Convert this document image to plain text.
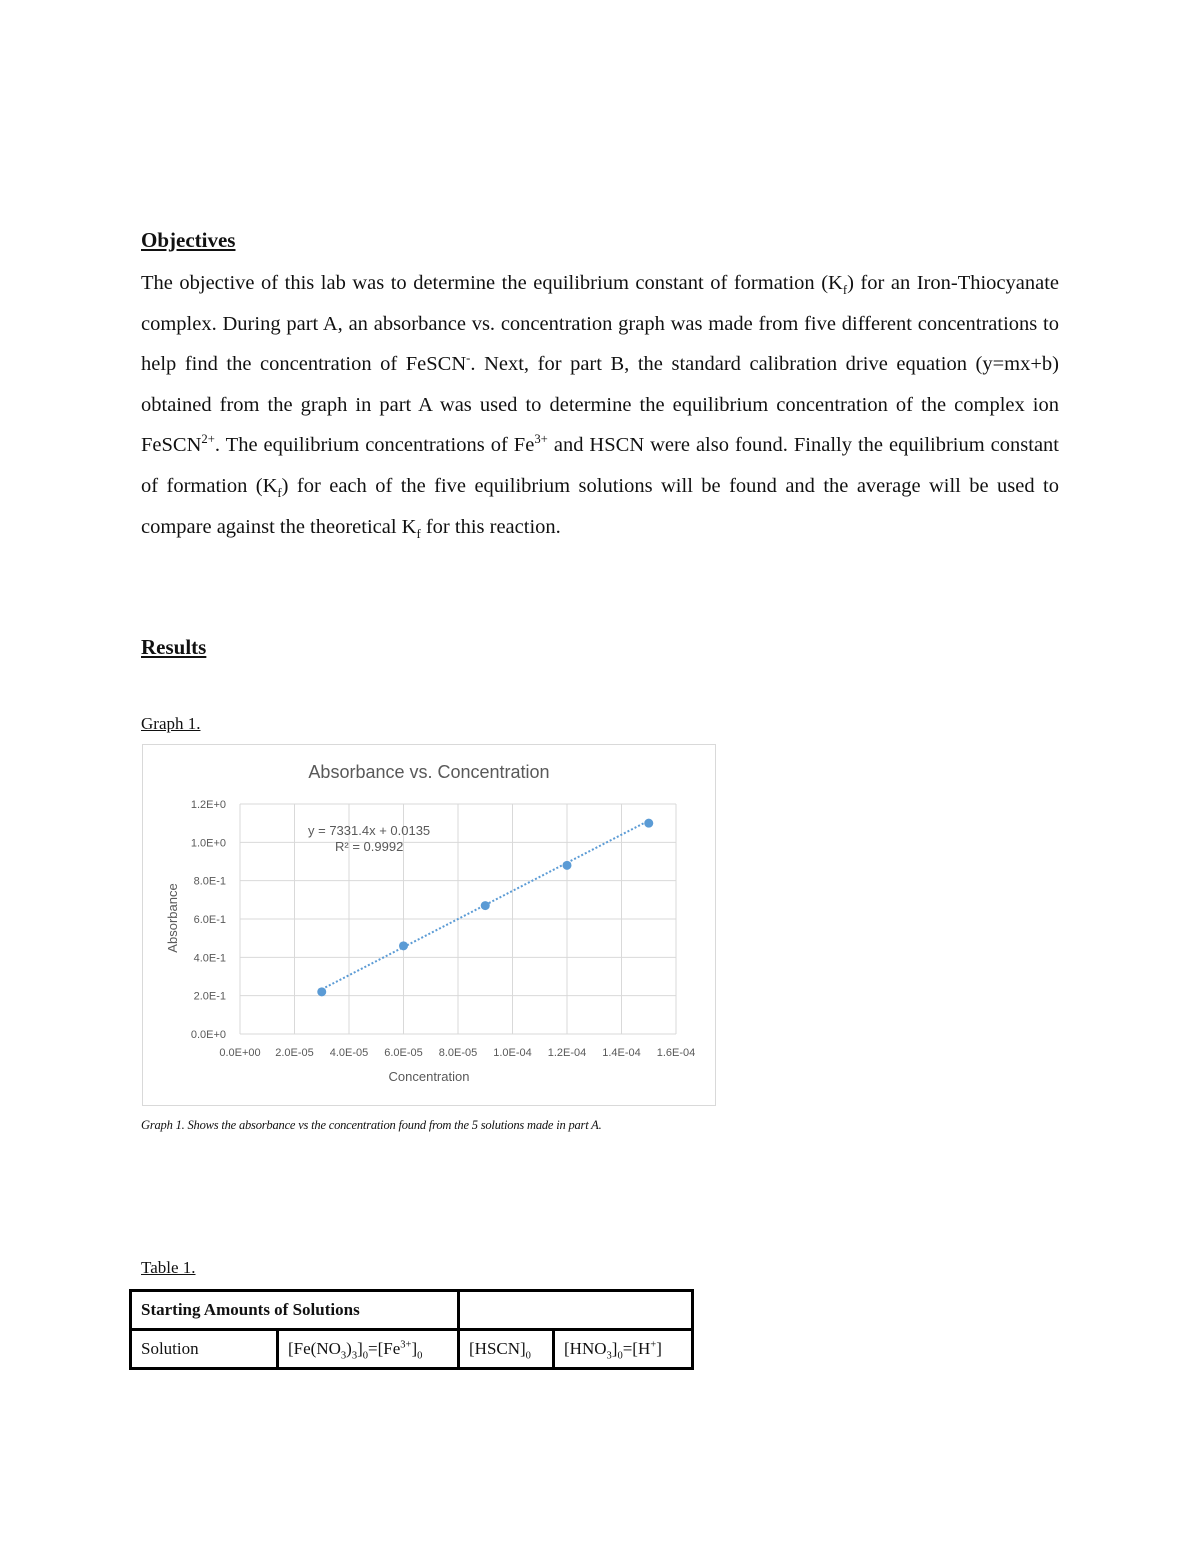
Objectives

The objective of this lab was to determine the equilibrium constant of formation $(K_f)$ for an Iron-Thiocyanate complex. During part A, an absorbance vs. concentration graph was made from five different concentrations to help find the concentration of FeSCN-. Next, for part B, the standard calibration drive equation (y=mx+b) obtained from the graph in part A was used to determine the equilibrium concentration of the complex ion FeSCN$^{2+}$. The equilibrium concentrations of $Fe^{3+}$ and HSCN were also found. Finally the equilibrium constant of formation $(K_f)$ for each of the five equilibrium solutions will be found and the average will be used to compare against the theoretical $K_f$ for this reaction.

Results

Graph 1.

Absorbance vs. Concentration
0.0E+0
2.0E-1
4.0E-1
6.0E-1
8.0E-1
1.0E+0
1.2E+0
0.0E+00 2.0E-05 4.0E-05 6.0E-05 8.0E-05 1.0E-04 1.2E-04 1.4E-04 1.6E-04
y = 7331.4x + 0.0135
R² = 0.9992
Concentration
Absorbance

Graph 1. Shows the absorbance vs the concentration found from the 5 solutions made in part A.

Table 1.

Starting Amounts of Solutions			
Solution	$[Fe(NO_3)_3]_0=[Fe^{3+}]_0$	$[HSCN]_0$	$[HNO_3]_0=[H^+]$
